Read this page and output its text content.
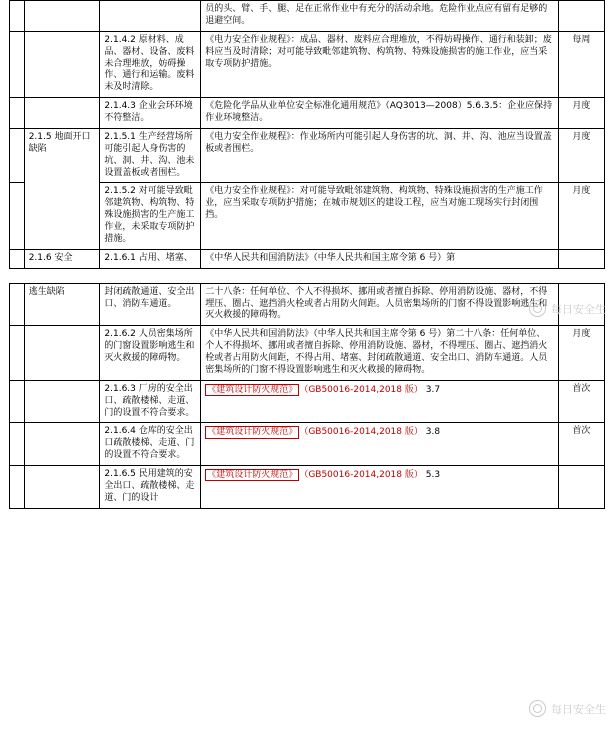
			员的头、臂、手、腿、足在正常作业中有充分的活动余地。危险作业点应有留有足够的退避空间。	
		2.1.4.2 原材料、成品、器材、设备、废料未合理堆放，妨碍操作、通行和运输。废料未及时清除。	《电力安全作业规程》：成品、器材、废料应合理堆放，不得妨碍操作、通行和装卸；废料应当及时清除；对可能导致毗邻建筑物、构筑物、特殊设施损害的施工作业，应当采取专项防护措施。	每周
		2.1.4.3 企业会环环境不符整洁。	《危险化学品从业单位安全标准化通用规范》（AQ3013—2008）5.6.3.5：企业应保持作业环境整洁。	月度
	2.1.5 地面开口缺陷	2.1.5.1 生产经营场所可能引起人身伤害的坑、洞、井、沟、池未设置盖板或者围栏。	《电力安全作业规程》：作业场所内可能引起人身伤害的坑、洞、井、沟、池应当设置盖板或者围栏。	月度
		2.1.5.2 对可能导致毗邻建筑物、构筑物、特殊设施损害的生产施工作业，未采取专项防护措施。	《电力安全作业规程》：对可能导致毗邻建筑物、构筑物、特殊设施损害的生产施工作业，应当采取专项防护措施；在城市规划区的建设工程，应当对施工现场实行封闭围挡。	月度
	2.1.6 安全	2.1.6.1 占用、堵塞、	《中华人民共和国消防法》（中华人民共和国主席令第 6 号）第	
	逃生缺陷	封闭疏散通道、安全出口、消防车通道。	二十八条：任何单位、个人不得损坏、挪用或者擅自拆除、停用消防设施、器材，不得埋压、圈占、遮挡消火栓或者占用防火间距。人员密集场所的门窗不得设置影响逃生和灭火救援的障碍物。	
		2.1.6.2 人员密集场所的门窗设置影响逃生和灭火救援的障碍物。	《中华人民共和国消防法》（中华人民共和国主席令第 6 号）第二十八条：任何单位、个人不得损坏、挪用或者擅自拆除、停用消防设施、器材，不得埋压、圈占、遮挡消火栓或者占用防火间距，不得占用、堵塞、封闭疏散通道、安全出口、消防车通道。人员密集场所的门窗不得设置影响逃生和灭火救援的障碍物。	月度
		2.1.6.3 厂房的安全出口、疏散楼梯、走道、门的设置不符合要求。	《建筑设计防火规范》 （GB50016-2014,2018 版） 3.7	首次
		2.1.6.4 仓库的安全出口疏散楼梯、走道、门的设置不符合要求。	《建筑设计防火规范》 （GB50016-2014,2018 版） 3.8	首次
		2.1.6.5 民用建筑的安全出口、疏散楼梯、走道、门的设计	《建筑设计防火规范》 （GB50016-2014,2018 版） 5.3	
每日安全生
每日安全生
